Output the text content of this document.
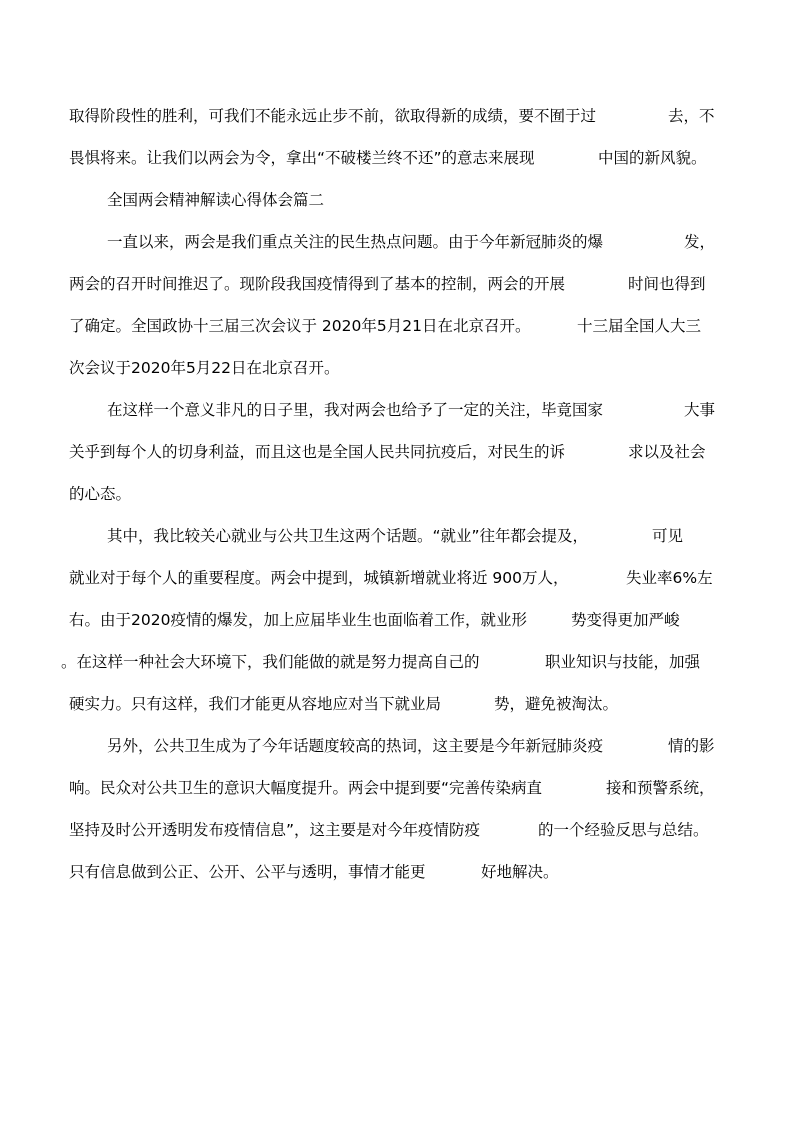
取得阶段性的胜利，可我们不能永远止步不前，欲取得新的成绩，要不囿于过

	去，不

畏惧将来。让我们以两会为令，拿出“不破楼兰终不还”的意志来展现

	中国的新风貌。

全国两会精神解读心得体会篇二

一直以来，两会是我们重点关注的民生热点问题。由于今年新冠肺炎的爆

	发，

两会的召开时间推迟了。现阶段我国疫情得到了基本的控制，两会的开展

	时间也得到

了确定。全国政协十三届三次会议于 2020年5月21日在北京召开。

	十三届全国人大三

次会议于2020年5月22日在北京召开。

在这样一个意义非凡的日子里，我对两会也给予了一定的关注，毕竟国家

	大事

关乎到每个人的切身利益，而且这也是全国人民共同抗疫后，对民生的诉

	求以及社会

的心态。

其中，我比较关心就业与公共卫生这两个话题。“就业”往年都会提及，

	可见

就业对于每个人的重要程度。两会中提到，城镇新增就业将近 900万人，

	失业率6%左

右。由于2020疫情的爆发，加上应届毕业生也面临着工作，就业形

	势变得更加严峻

。在这样一种社会大环境下，我们能做的就是努力提高自己的

	职业知识与技能，加强

硬实力。只有这样，我们才能更从容地应对当下就业局

	势，避免被淘汰。

另外，公共卫生成为了今年话题度较高的热词，这主要是今年新冠肺炎疫

	情的影

响。民众对公共卫生的意识大幅度提升。两会中提到要“完善传染病直

	接和预警系统，

坚持及时公开透明发布疫情信息”，这主要是对今年疫情防疫

	的一个经验反思与总结。

只有信息做到公正、公开、公平与透明，事情才能更

	好地解决。
